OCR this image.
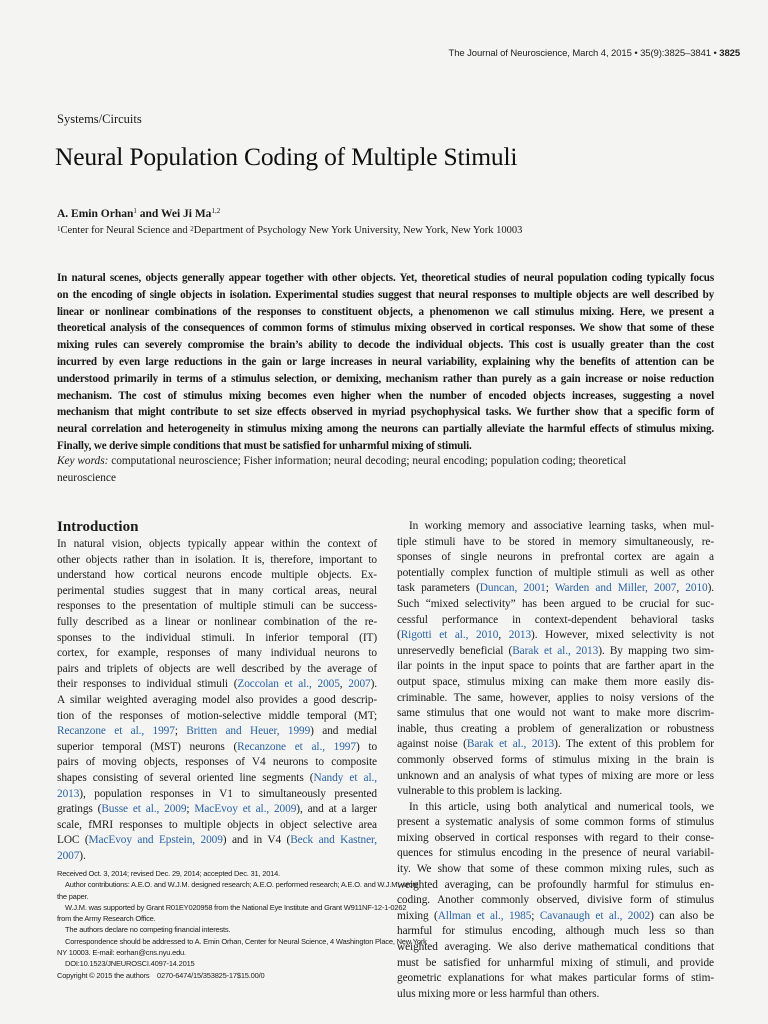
The Journal of Neuroscience, March 4, 2015 • 35(9):3825–3841 • 3825
Systems/Circuits
Neural Population Coding of Multiple Stimuli
A. Emin Orhan$^1$ and Wei Ji Ma$^{1,2}$
$^1$Center for Neural Science and $^2$Department of Psychology New York University, New York, New York 10003
In natural scenes, objects generally appear together with other objects. Yet, theoretical studies of neural population coding typically focus
on the encoding of single objects in isolation. Experimental studies suggest that neural responses to multiple objects are well described by
linear or nonlinear combinations of the responses to constituent objects, a phenomenon we call stimulus mixing. Here, we present a
theoretical analysis of the consequences of common forms of stimulus mixing observed in cortical responses. We show that some of these
mixing rules can severely compromise the brain’s ability to decode the individual objects. This cost is usually greater than the cost
incurred by even large reductions in the gain or large increases in neural variability, explaining why the benefits of attention can be
understood primarily in terms of a stimulus selection, or demixing, mechanism rather than purely as a gain increase or noise reduction
mechanism. The cost of stimulus mixing becomes even higher when the number of encoded objects increases, suggesting a novel
mechanism that might contribute to set size effects observed in myriad psychophysical tasks. We further show that a specific form of
neural correlation and heterogeneity in stimulus mixing among the neurons can partially alleviate the harmful effects of stimulus mixing.
Finally, we derive simple conditions that must be satisfied for unharmful mixing of stimuli.
Key words: computational neuroscience; Fisher information; neural decoding; neural encoding; population coding; theoretical
neuroscience
Introduction
In natural vision, objects typically appear within the context of
other objects rather than in isolation. It is, therefore, important to
understand how cortical neurons encode multiple objects. Ex-
perimental studies suggest that in many cortical areas, neural
responses to the presentation of multiple stimuli can be success-
fully described as a linear or nonlinear combination of the re-
sponses to the individual stimuli. In inferior temporal (IT)
cortex, for example, responses of many individual neurons to
pairs and triplets of objects are well described by the average of
their responses to individual stimuli (Zoccolan et al., 2005, 2007).
A similar weighted averaging model also provides a good descrip-
tion of the responses of motion-selective middle temporal (MT;
Recanzone et al., 1997; Britten and Heuer, 1999) and medial
superior temporal (MST) neurons (Recanzone et al., 1997) to
pairs of moving objects, responses of V4 neurons to composite
shapes consisting of several oriented line segments (Nandy et al.,
2013), population responses in V1 to simultaneously presented
gratings (Busse et al., 2009; MacEvoy et al., 2009), and at a larger
scale, fMRI responses to multiple objects in object selective area
LOC (MacEvoy and Epstein, 2009) and in V4 (Beck and Kastner,
2007).
In working memory and associative learning tasks, when mul-
tiple stimuli have to be stored in memory simultaneously, re-
sponses of single neurons in prefrontal cortex are again a
potentially complex function of multiple stimuli as well as other
task parameters (Duncan, 2001; Warden and Miller, 2007, 2010).
Such “mixed selectivity” has been argued to be crucial for suc-
cessful performance in context-dependent behavioral tasks
(Rigotti et al., 2010, 2013). However, mixed selectivity is not
unreservedly beneficial (Barak et al., 2013). By mapping two sim-
ilar points in the input space to points that are farther apart in the
output space, stimulus mixing can make them more easily dis-
criminable. The same, however, applies to noisy versions of the
same stimulus that one would not want to make more discrim-
inable, thus creating a problem of generalization or robustness
against noise (Barak et al., 2013). The extent of this problem for
commonly observed forms of stimulus mixing in the brain is
unknown and an analysis of what types of mixing are more or less
vulnerable to this problem is lacking.
In this article, using both analytical and numerical tools, we
present a systematic analysis of some common forms of stimulus
mixing observed in cortical responses with regard to their conse-
quences for stimulus encoding in the presence of neural variabil-
ity. We show that some of these common mixing rules, such as
weighted averaging, can be profoundly harmful for stimulus en-
coding. Another commonly observed, divisive form of stimulus
mixing (Allman et al., 1985; Cavanaugh et al., 2002) can also be
harmful for stimulus encoding, although much less so than
weighted averaging. We also derive mathematical conditions that
must be satisfied for unharmful mixing of stimuli, and provide
geometric explanations for what makes particular forms of stim-
ulus mixing more or less harmful than others.
Received Oct. 3, 2014; revised Dec. 29, 2014; accepted Dec. 31, 2014.
Author contributions: A.E.O. and W.J.M. designed research; A.E.O. performed research; A.E.O. and W.J.M. wrote
the paper.
W.J.M. was supported by Grant R01EY020958 from the National Eye Institute and Grant W911NF-12-1-0262
from the Army Research Office.
The authors declare no competing financial interests.
Correspondence should be addressed to A. Emin Orhan, Center for Neural Science, 4 Washington Place, New York
NY 10003. E-mail: eorhan@cns.nyu.edu.
DOI:10.1523/JNEUROSCI.4097-14.2015
Copyright © 2015 the authors    0270-6474/15/353825-17$15.00/0
